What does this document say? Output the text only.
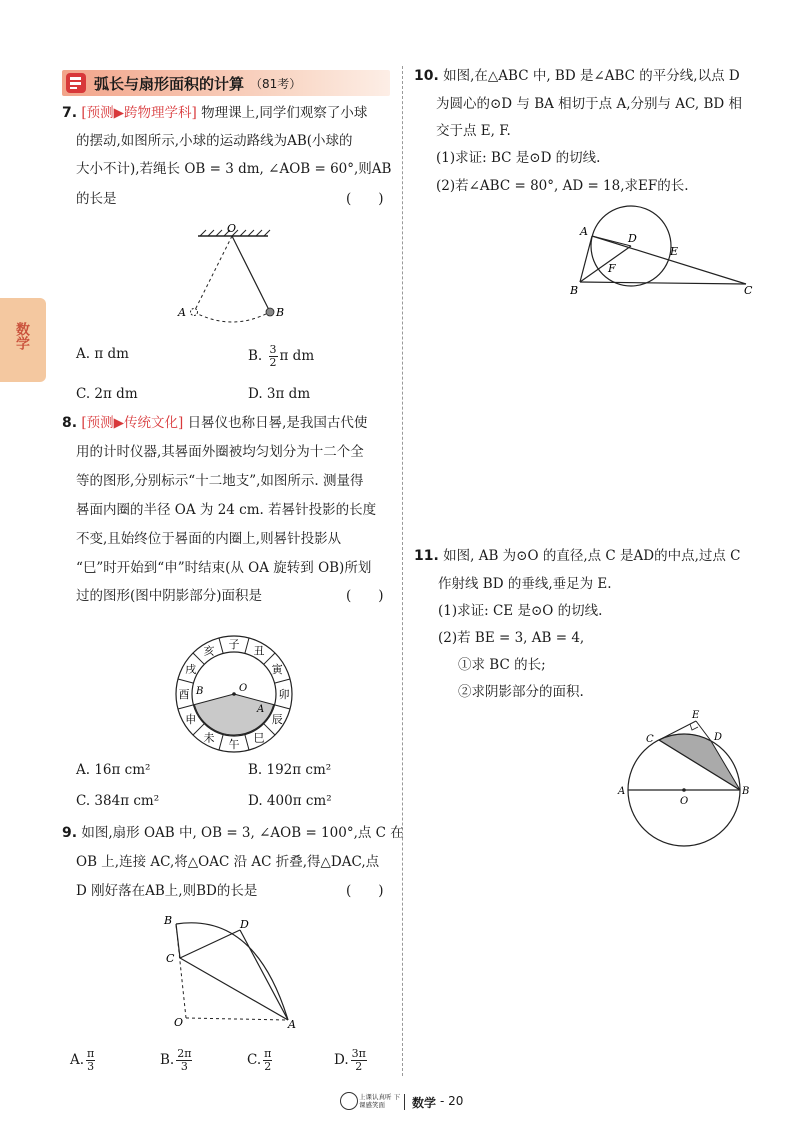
弧长与扇形面积的计算 （81考）
数学
7. [预测▶跨物理学科] 物理课上,同学们观察了小球
的摆动,如图所示,小球的运动路线为AB(小球的
大小不计),若绳长 OB = 3 dm, ∠AOB = 60°,则AB
的长是	(　　)
O
A	B
A. π dm	B. $\frac{3}{2}$ π dm
C. 2π dm	D. 3π dm
8. [预测▶传统文化] 日晷仪也称日晷,是我国古代使
用的计时仪器,其晷面外圈被均匀划分为十二个全
等的图形,分别标示“十二地支”,如图所示. 测量得
晷面内圈的半径 OA 为 24 cm. 若晷针投影的长度
不变,且始终位于晷面的内圈上,则晷针投影从
“巳”时开始到“申”时结束(从 OA 旋转到 OB)所划
过的图形(图中阴影部分)面积是	(　　)
子
丑
寅
卯
辰
巳
午
未
申
酉
戌
亥
O
B
A
A. 16π cm²	B. 192π cm²
C. 384π cm²	D. 400π cm²
9. 如图,扇形 OAB 中, OB = 3, ∠AOB = 100°,点 C 在
OB 上,连接 AC,将△OAC 沿 AC 折叠,得△DAC,点
D 刚好落在AB上,则BD的长是	(　　)
B
C
D
O	A
A. $\frac{\pi}{3}$	B. $\frac{2\pi}{3}$	C. $\frac{\pi}{2}$	D. $\frac{3\pi}{2}$
10. 如图,在△ABC 中, BD 是∠ABC 的平分线,以点 D
为圆心的⊙D 与 BA 相切于点 A,分别与 AC, BD 相
交于点 E, F.
(1)求证: BC 是⊙D 的切线.
(2)若∠ABC = 80°, AD = 18,求EF的长.
A
D
E
F
B	C
11. 如图, AB 为⊙O 的直径,点 C 是AD的中点,过点 C
作射线 BD 的垂线,垂足为 E.
(1)求证: CE 是⊙O 的切线.
(2)若 BE = 3, AB = 4,
①求 BC 的长;
②求阴影部分的面积.
E
C	D
A	B
O
上课认真听 下课感笑面	数学 - 20
